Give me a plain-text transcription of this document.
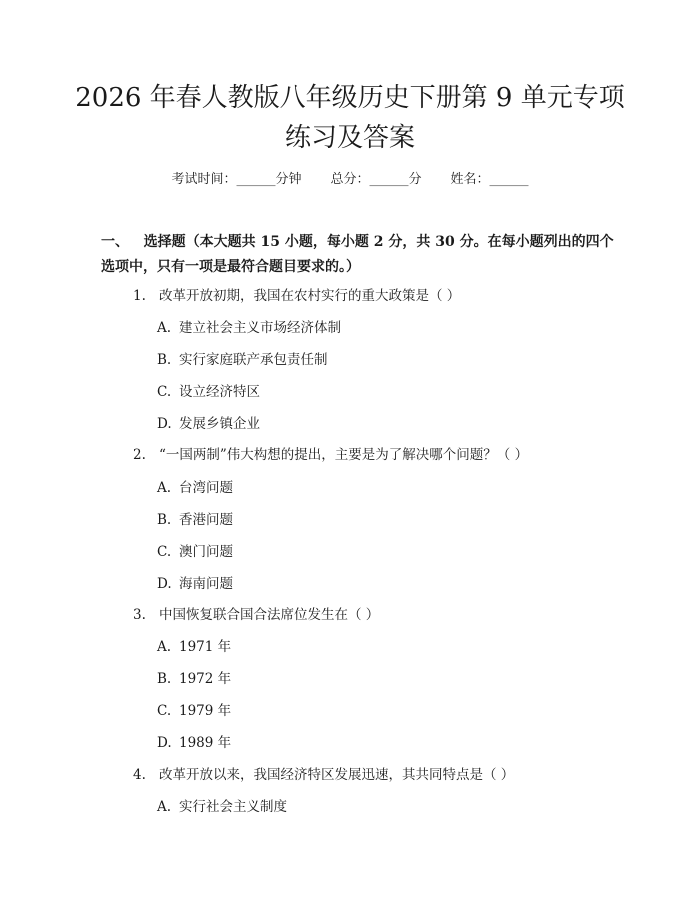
2026 年春人教版八年级历史下册第 9 单元专项练习及答案
考试时间：______分钟 总分：______分 姓名：______
一、 选择题（本大题共 15 小题，每小题 2 分，共 30 分。在每小题列出的四个选项中，只有一项是最符合题目要求的。）
1. 改革开放初期，我国在农村实行的重大政策是（ ）
A. 建立社会主义市场经济体制
B. 实行家庭联产承包责任制
C. 设立经济特区
D. 发展乡镇企业
2. “一国两制”伟大构想的提出，主要是为了解决哪个问题？（ ）
A. 台湾问题
B. 香港问题
C. 澳门问题
D. 海南问题
3. 中国恢复联合国合法席位发生在（ ）
A. 1971 年
B. 1972 年
C. 1979 年
D. 1989 年
4. 改革开放以来，我国经济特区发展迅速，其共同特点是（ ）
A. 实行社会主义制度
